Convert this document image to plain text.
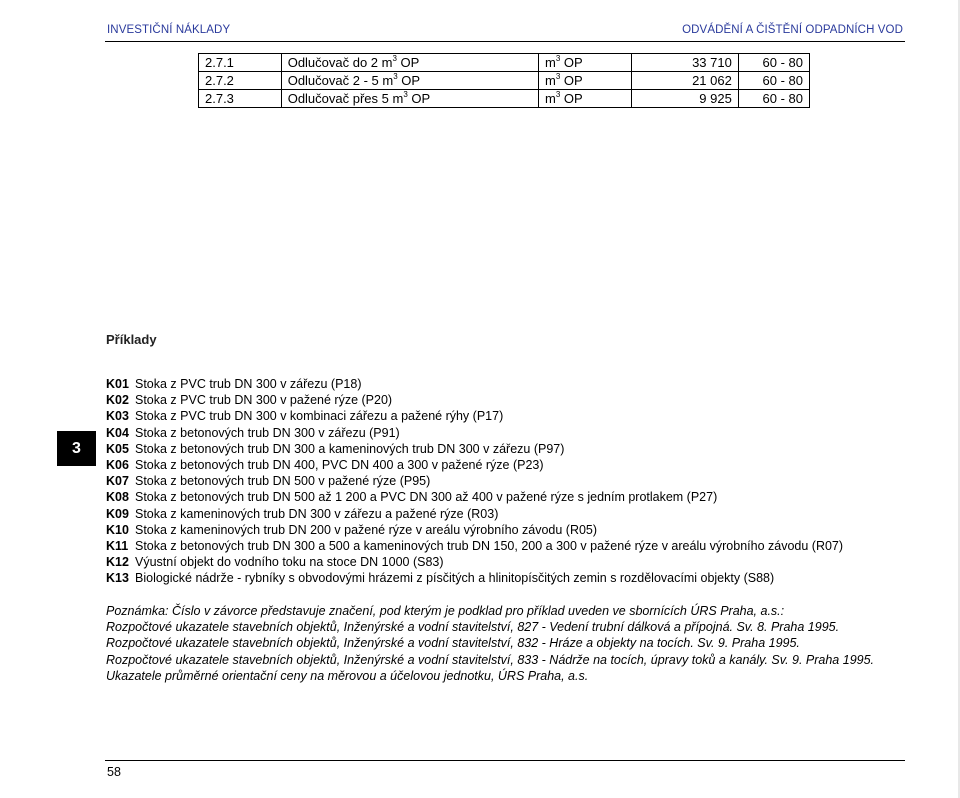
INVESTIČNÍ NÁKLADY	ODVÁDĚNÍ A ČIŠTĚNÍ ODPADNÍCH VOD
2.7.1	Odlučovač do 2 $m^3$ OP	$m^3$ OP	33 710	60 - 80
2.7.2	Odlučovač 2 - 5 $m^3$ OP	$m^3$ OP	21 062	60 - 80
2.7.3	Odlučovač přes 5 $m^3$ OP	$m^3$ OP	9 925	60 - 80
Příklady
3
K01 Stoka z PVC trub DN 300 v zářezu (P18)
K02 Stoka z PVC trub DN 300 v pažené rýze (P20)
K03 Stoka z PVC trub DN 300 v kombinaci zářezu a pažené rýhy (P17)
K04 Stoka z betonových trub DN 300 v zářezu (P91)
K05 Stoka z betonových trub DN 300 a kameninových trub DN 300 v zářezu (P97)
K06 Stoka z betonových trub DN 400, PVC DN 400 a 300 v pažené rýze (P23)
K07 Stoka z betonových trub DN 500 v pažené rýze (P95)
K08 Stoka z betonových trub DN 500 až 1 200 a PVC DN 300 až 400 v pažené rýze s jedním protlakem (P27)
K09 Stoka z kameninových trub DN 300 v zářezu a pažené rýze (R03)
K10 Stoka z kameninových trub DN 200 v pažené rýze v areálu výrobního závodu (R05)
K11 Stoka z betonových trub DN 300 a 500 a kameninových trub DN 150, 200 a 300 v pažené rýze v areálu výrobního závodu (R07)
K12 Výustní objekt do vodního toku na stoce DN 1000 (S83)
K13 Biologické nádrže - rybníky s obvodovými hrázemi z písčitých a hlinitopísčitých zemin s rozdělovacími objekty (S88)

Poznámka: Číslo v závorce představuje značení, pod kterým je podklad pro příklad uveden ve sbornících ÚRS Praha, a.s.:

Rozpočtové ukazatele stavebních objektů, Inženýrské a vodní stavitelství, 827 - Vedení trubní dálková a přípojná. Sv. 8. Praha 1995.

Rozpočtové ukazatele stavebních objektů, Inženýrské a vodní stavitelství, 832 - Hráze a objekty na tocích. Sv. 9. Praha 1995.

Rozpočtové ukazatele stavebních objektů, Inženýrské a vodní stavitelství, 833 - Nádrže na tocích, úpravy toků a kanály. Sv. 9. Praha 1995.

Ukazatele průměrné orientační ceny na měrovou a účelovou jednotku, ÚRS Praha, a.s.

58
